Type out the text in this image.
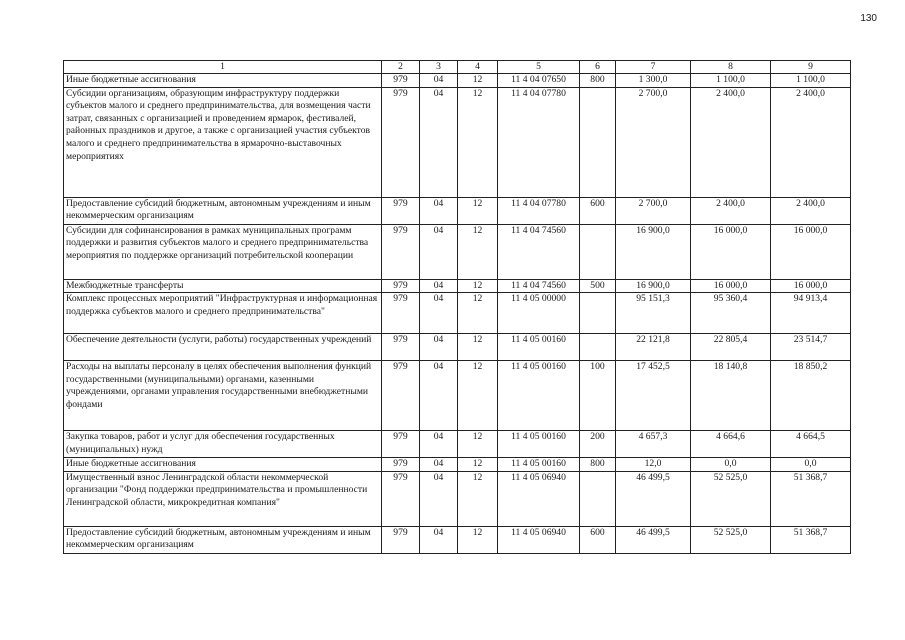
130
1	2	3	4	5	6	7	8	9
Иные бюджетные ассигнования	979	04	12	11 4 04 07650	800	1 300,0	1 100,0	1 100,0
Субсидии организациям, образующим инфраструктуру поддержки субъектов малого и среднего предпринимательства, для возмещения части затрат, связанных с организацией и проведением ярмарок, фестивалей, районных праздников и другое, а также с организацией участия субъектов малого и среднего предпринимательства в ярмарочно-выставочных мероприятиях	979	04	12	11 4 04 07780		2 700,0	2 400,0	2 400,0
Предоставление субсидий бюджетным, автономным учреждениям и иным некоммерческим организациям	979	04	12	11 4 04 07780	600	2 700,0	2 400,0	2 400,0
Субсидии для софинансирования в рамках муниципальных программ поддержки и развития субъектов малого и среднего предпринимательства мероприятия по поддержке организаций потребительской кооперации	979	04	12	11 4 04 74560		16 900,0	16 000,0	16 000,0
Межбюджетные трансферты	979	04	12	11 4 04 74560	500	16 900,0	16 000,0	16 000,0
Комплекс процессных мероприятий "Инфраструктурная и информационная поддержка субъектов малого и среднего предпринимательства"	979	04	12	11 4 05 00000		95 151,3	95 360,4	94 913,4
Обеспечение деятельности (услуги, работы) государственных учреждений	979	04	12	11 4 05 00160		22 121,8	22 805,4	23 514,7
Расходы на выплаты персоналу в целях обеспечения выполнения функций государственными (муниципальными) органами, казенными учреждениями, органами управления государственными внебюджетными фондами	979	04	12	11 4 05 00160	100	17 452,5	18 140,8	18 850,2
Закупка товаров, работ и услуг для обеспечения государственных (муниципальных) нужд	979	04	12	11 4 05 00160	200	4 657,3	4 664,6	4 664,5
Иные бюджетные ассигнования	979	04	12	11 4 05 00160	800	12,0	0,0	0,0
Имущественный взнос Ленинградской области некоммерческой организации "Фонд поддержки предпринимательства и промышленности Ленинградской области, микрокредитная компания"	979	04	12	11 4 05 06940		46 499,5	52 525,0	51 368,7
Предоставление субсидий бюджетным, автономным учреждениям и иным некоммерческим организациям	979	04	12	11 4 05 06940	600	46 499,5	52 525,0	51 368,7
